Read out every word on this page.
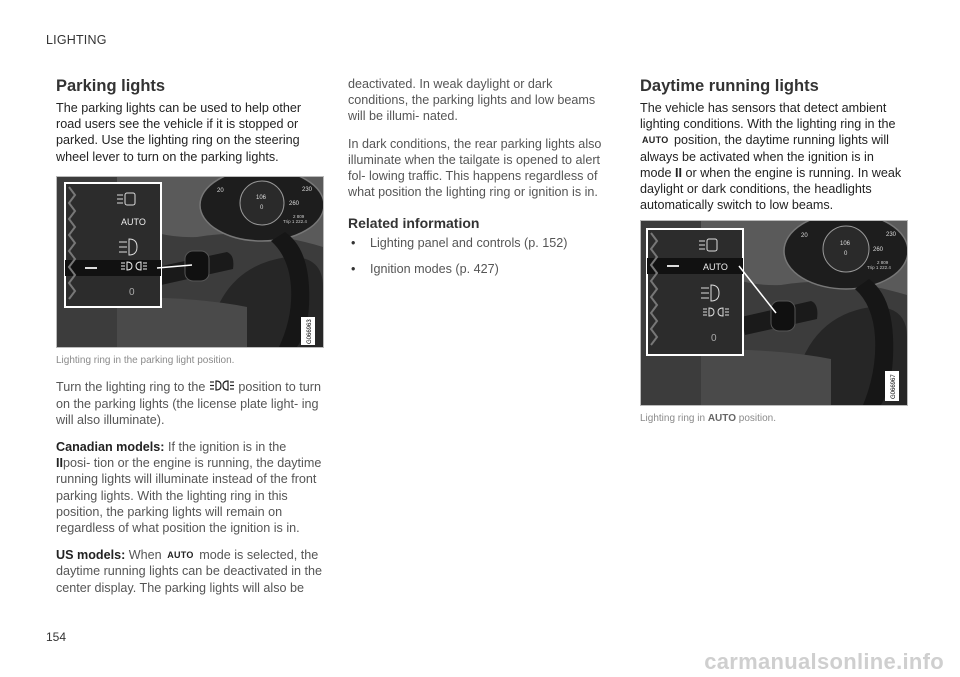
LIGHTING
Parking lights

The parking lights can be used to help other road users see the vehicle if it is stopped or parked. Use the lighting ring on the steering wheel lever to turn on the parking lights.

20	230
106
0
260
2 809
Trip 1 222.4
AUTO
0
G066963
Lighting ring in the parking light position.

Turn the lighting ring to the	position to turn on the parking lights (the license plate light- ing will also illuminate).

Canadian models: If the ignition is in the IIposi- tion or the engine is running, the daytime running lights will illuminate instead of the front parking lights. With the lighting ring in this position, the parking lights will remain on regardless of what position the ignition is in.

US models: When AUTO mode is selected, the daytime running lights can be deactivated in the center display. The parking lights will also be

deactivated. In weak daylight or dark conditions, the parking lights and low beams will be illumi- nated.

In dark conditions, the rear parking lights also illuminate when the tailgate is opened to alert fol- lowing traffic. This happens regardless of what position the lighting ring or ignition is in.

Related information
• Lighting panel and controls (p. 152)
• Ignition modes (p. 427)
Daytime running lights

The vehicle has sensors that detect ambient lighting conditions. With the lighting ring in the AUTO position, the daytime running lights will always be activated when the ignition is in mode II or when the engine is running. In weak daylight or dark conditions, the headlights automatically switch to low beams.

20	230
106
0
260
2 809
Trip 1 222.4
AUTO
0
G066967
Lighting ring in AUTO position.
154
carmanualsonline.info
